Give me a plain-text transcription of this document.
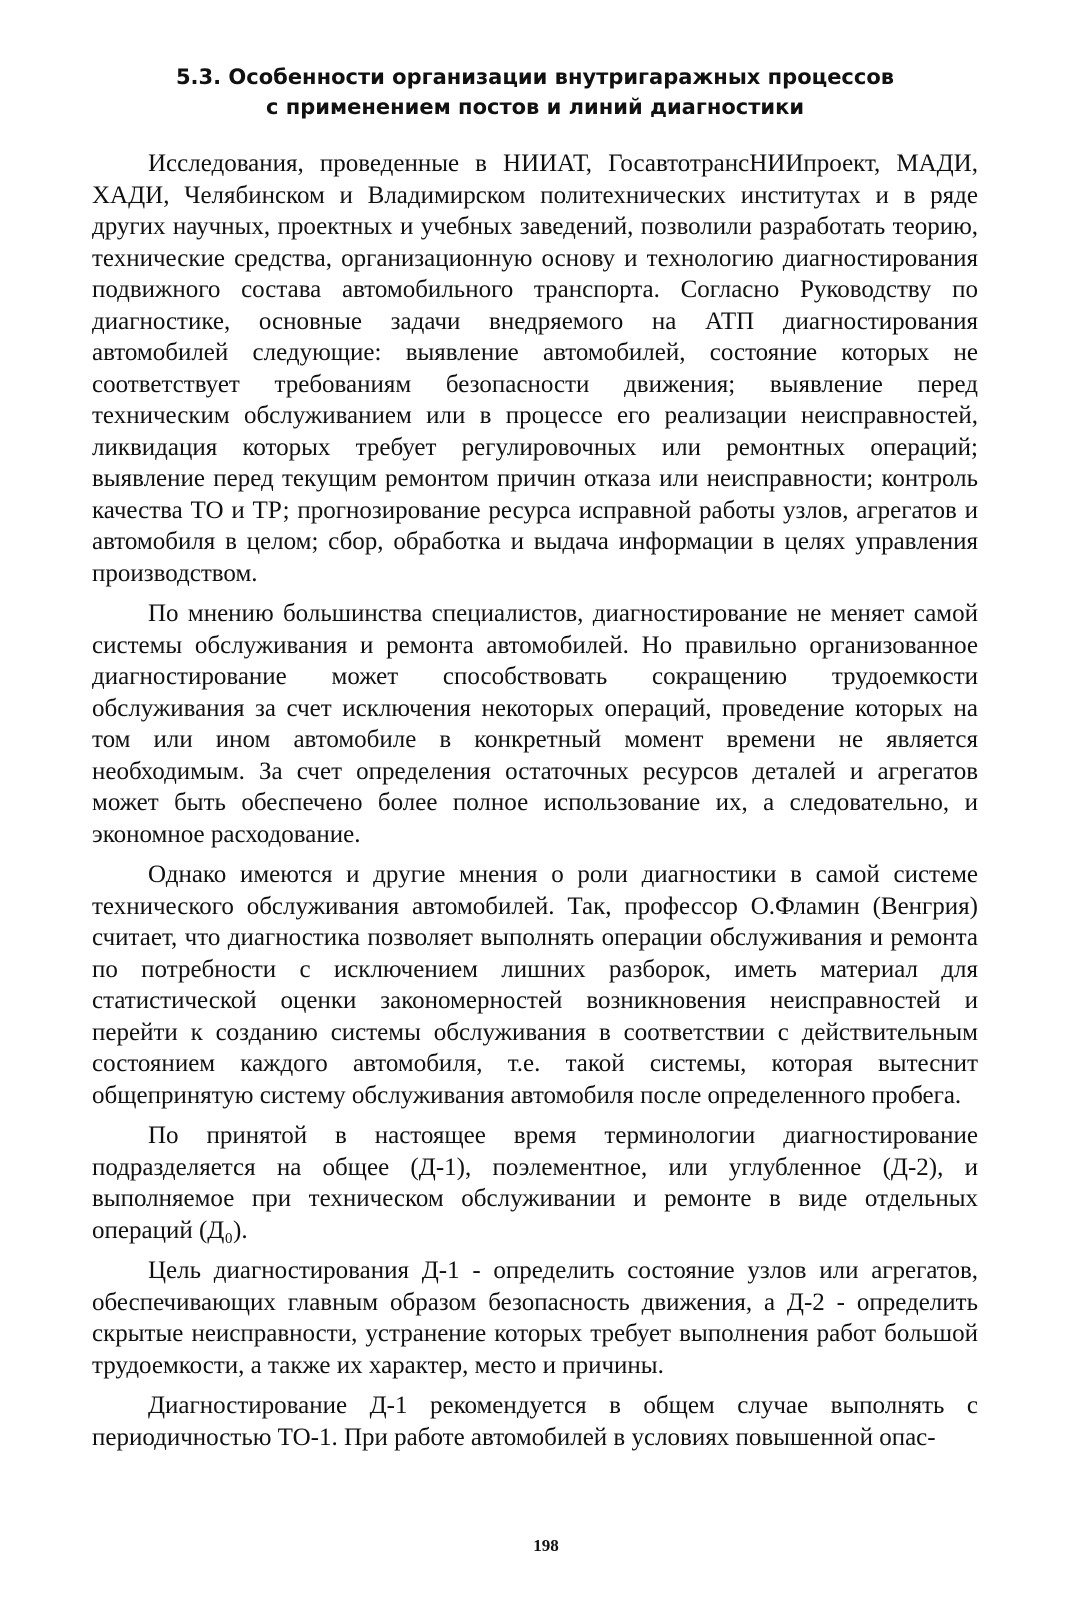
5.3. Особенности организации внутригаражных процессов
с применением постов и линий диагностики

Исследования, проведенные в НИИАТ, ГосавтотрансНИИпроект, МАДИ, ХАДИ, Челябинском и Владимирском политехнических институтах и в ряде других научных, проектных и учебных заведений, позволили разработать теорию, технические средства, организационную основу и технологию диагностирования подвижного состава автомобильного транспорта. Согласно Руководству по диагностике, основные задачи внедряемого на АТП диагностирования автомобилей следующие: выявление автомобилей, состояние которых не соответствует требованиям безопасности движения; выявление перед техническим обслуживанием или в процессе его реализации неисправностей, ликвидация которых требует регулировочных или ремонтных операций; выявление перед текущим ремонтом причин отказа или неисправности; контроль качества ТО и ТР; прогнозирование ресурса исправной работы узлов, агрегатов и автомобиля в целом; сбор, обработка и выдача информации в целях управления производством.

По мнению большинства специалистов, диагностирование не меняет самой системы обслуживания и ремонта автомобилей. Но правильно организованное диагностирование может способствовать сокращению трудоемкости обслуживания за счет исключения некоторых операций, проведение которых на том или ином автомобиле в конкретный момент времени не является необходимым. За счет определения остаточных ресурсов деталей и агрегатов может быть обеспечено более полное использование их, а следовательно, и экономное расходование.

Однако имеются и другие мнения о роли диагностики в самой системе технического обслуживания автомобилей. Так, профессор О.Фламин (Венгрия) считает, что диагностика позволяет выполнять операции обслуживания и ремонта по потребности с исключением лишних разборок, иметь материал для статистической оценки закономерностей возникновения неисправностей и перейти к созданию системы обслуживания в соответствии с действительным состоянием каждого автомобиля, т.е. такой системы, которая вытеснит общепринятую систему обслуживания автомобиля после определенного пробега.

По принятой в настоящее время терминологии диагностирование подразделяется на общее (Д-1), поэлементное, или углубленное (Д-2), и выполняемое при техническом обслуживании и ремонте в виде отдельных операций (Д₀).

Цель диагностирования Д-1 - определить состояние узлов или агрегатов, обеспечивающих главным образом безопасность движения, а Д-2 - определить скрытые неисправности, устранение которых требует выполнения работ большой трудоемкости, а также их характер, место и причины.

Диагностирование Д-1 рекомендуется в общем случае выполнять с периодичностью ТО-1. При работе автомобилей в условиях повышенной опас-

198
